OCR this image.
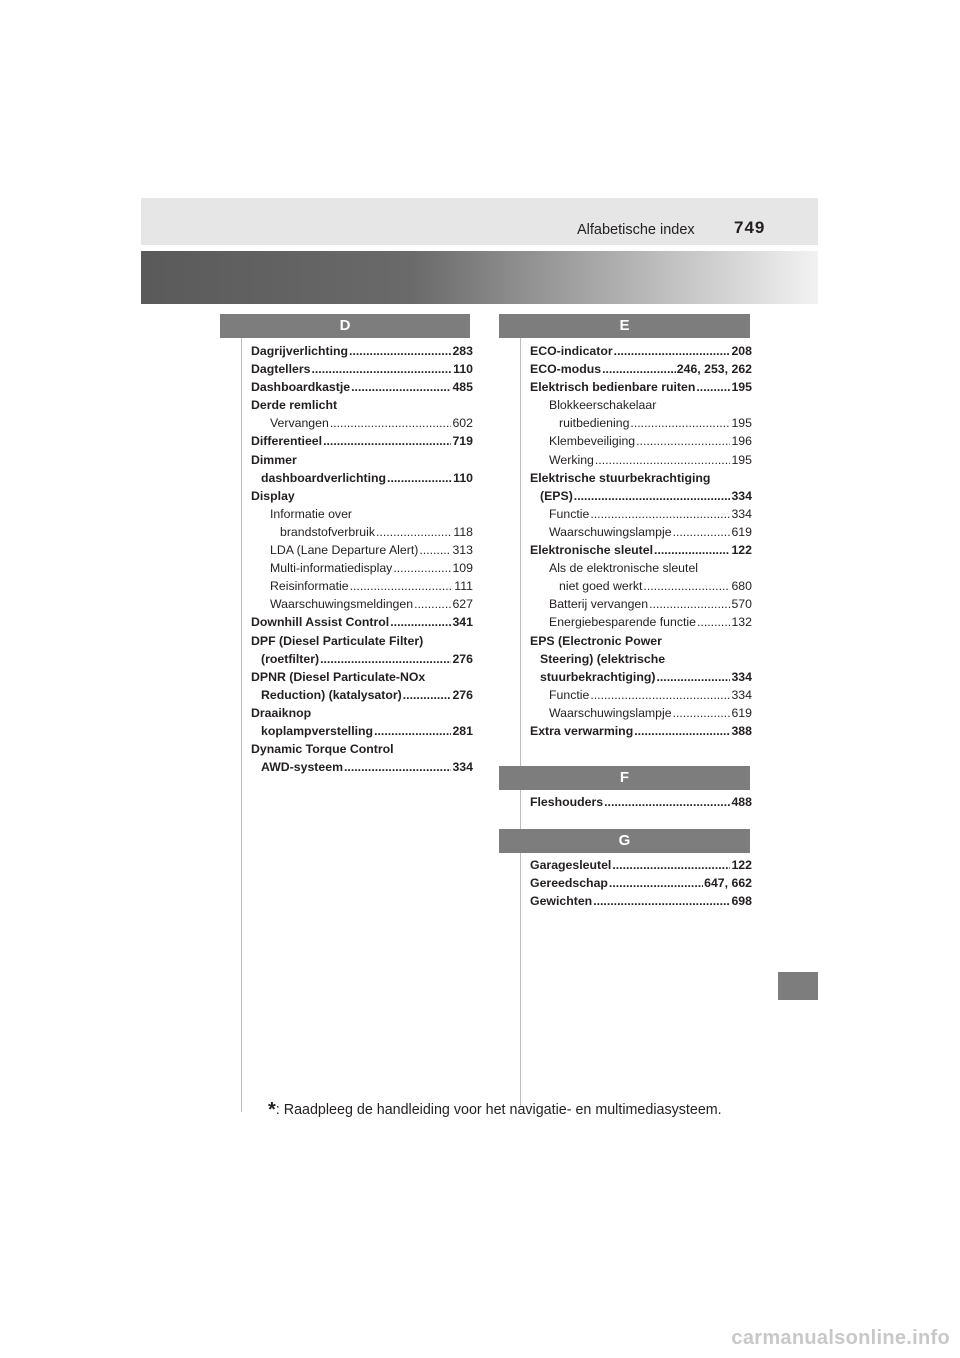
Alfabetische index 749
D
Dagrijverlichting .....	283
Dagtellers .....	110
Dashboardkastje .....	485
Derde remlicht
Vervangen .....	602
Differentieel .....	719
Dimmer
dashboardverlichting .....	110
Display
Informatie over
brandstofverbruik .....	118
LDA (Lane Departure Alert) .....	313
Multi-informatiedisplay .....	109
Reisinformatie .....	111
Waarschuwingsmeldingen .....	627
Downhill Assist Control .....	341
DPF (Diesel Particulate Filter)
(roetfilter) .....	276
DPNR (Diesel Particulate-NOx
Reduction) (katalysator) .....	276
Draaiknop
koplampverstelling .....	281
Dynamic Torque Control
AWD-systeem .....	334
E
ECO-indicator .....	208
ECO-modus .....	246, 253, 262
Elektrisch bedienbare ruiten .....	195
Blokkeerschakelaar
ruitbediening .....	195
Klembeveiliging .....	196
Werking .....	195
Elektrische stuurbekrachtiging
(EPS) .....	334
Functie .....	334
Waarschuwingslampje .....	619
Elektronische sleutel .....	122
Als de elektronische sleutel
niet goed werkt .....	680
Batterij vervangen .....	570
Energiebesparende functie .....	132
EPS (Electronic Power
Steering) (elektrische
stuurbekrachtiging) .....	334
Functie .....	334
Waarschuwingslampje .....	619
Extra verwarming .....	388
F
Fleshouders .....	488
G
Garagesleutel .....	122
Gereedschap .....	647, 662
Gewichten .....	698
*: Raadpleeg de handleiding voor het navigatie- en multimediasysteem.
carmanualsonline.info
